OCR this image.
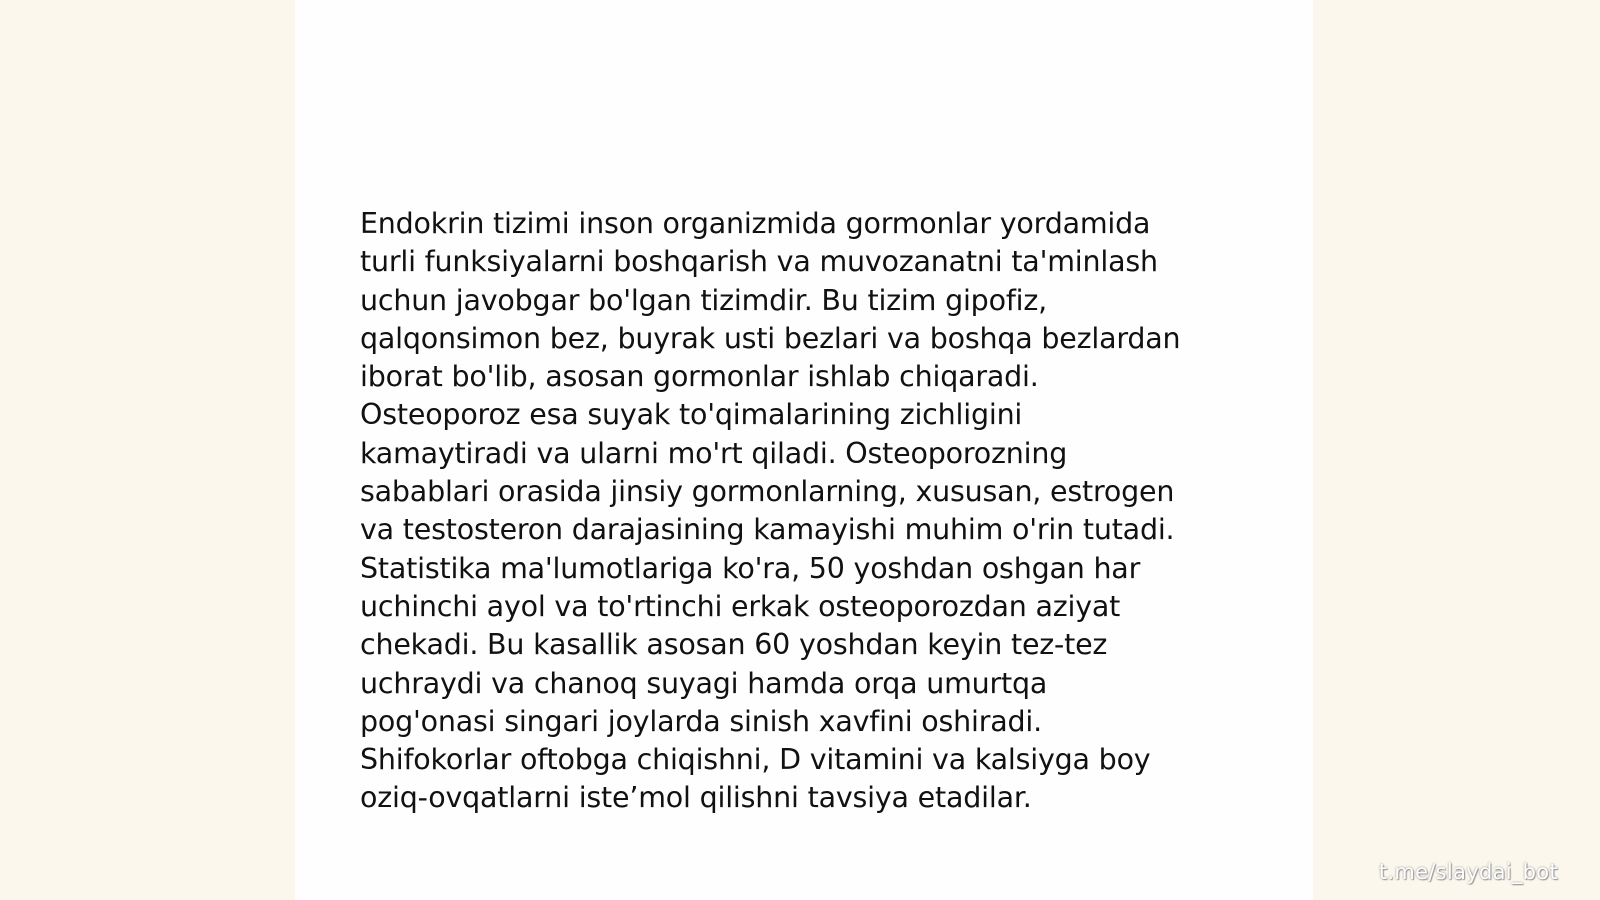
Endokrin tizimi inson organizmida gormonlar yordamida
turli funksiyalarni boshqarish va muvozanatni ta'minlash
uchun javobgar bo'lgan tizimdir. Bu tizim gipofiz,
qalqonsimon bez, buyrak usti bezlari va boshqa bezlardan
iborat bo'lib, asosan gormonlar ishlab chiqaradi.
Osteoporoz esa suyak to'qimalarining zichligini
kamaytiradi va ularni mo'rt qiladi. Osteoporozning
sabablari orasida jinsiy gormonlarning, xususan, estrogen
va testosteron darajasining kamayishi muhim o'rin tutadi.
Statistika ma'lumotlariga ko'ra, 50 yoshdan oshgan har
uchinchi ayol va to'rtinchi erkak osteoporozdan aziyat
chekadi. Bu kasallik asosan 60 yoshdan keyin tez-tez
uchraydi va chanoq suyagi hamda orqa umurtqa
pog'onasi singari joylarda sinish xavfini oshiradi.
Shifokorlar oftobga chiqishni, D vitamini va kalsiyga boy
oziq-ovqatlarni iste’mol qilishni tavsiya etadilar.

t.me/slaydai_bot
